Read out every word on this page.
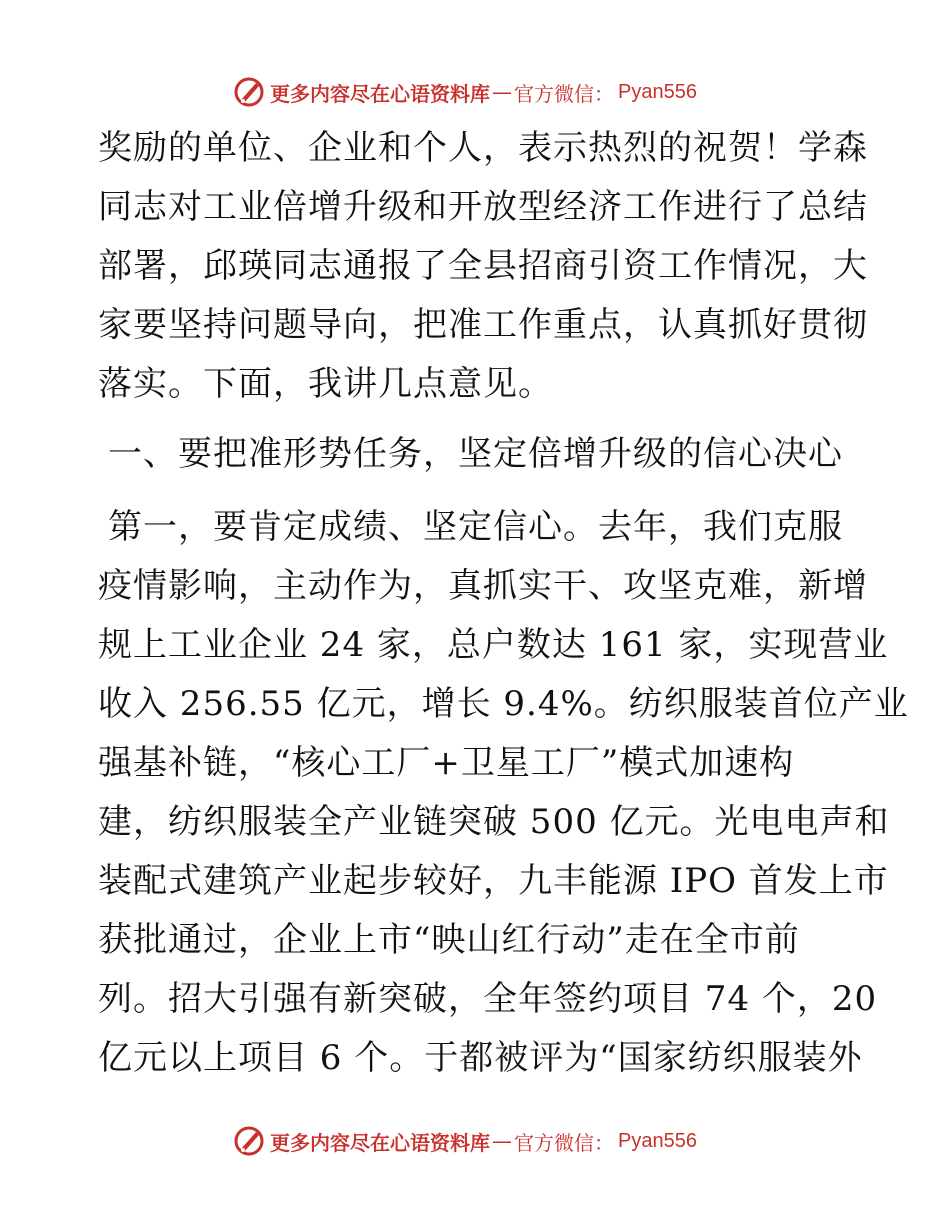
更多内容尽在心语资料库 — 官方微信： Pyan556
奖励的单位、企业和个人，表示热烈的祝贺！学森
同志对工业倍增升级和开放型经济工作进行了总结
部署，邱瑛同志通报了全县招商引资工作情况，大
家要坚持问题导向，把准工作重点，认真抓好贯彻
落实。下面，我讲几点意见。
一、要把准形势任务，坚定倍增升级的信心决心
第一，要肯定成绩、坚定信心。去年，我们克服
疫情影响，主动作为，真抓实干、攻坚克难，新增
规上工业企业 24 家，总户数达 161 家，实现营业
收入 256.55 亿元，增长 9.4%。纺织服装首位产业
强基补链，“核心工厂+卫星工厂”模式加速构
建，纺织服装全产业链突破 500 亿元。光电电声和
装配式建筑产业起步较好，九丰能源 IPO 首发上市
获批通过，企业上市“映山红行动”走在全市前
列。招大引强有新突破，全年签约项目 74 个，20
亿元以上项目 6 个。于都被评为“国家纺织服装外
更多内容尽在心语资料库 — 官方微信： Pyan556
